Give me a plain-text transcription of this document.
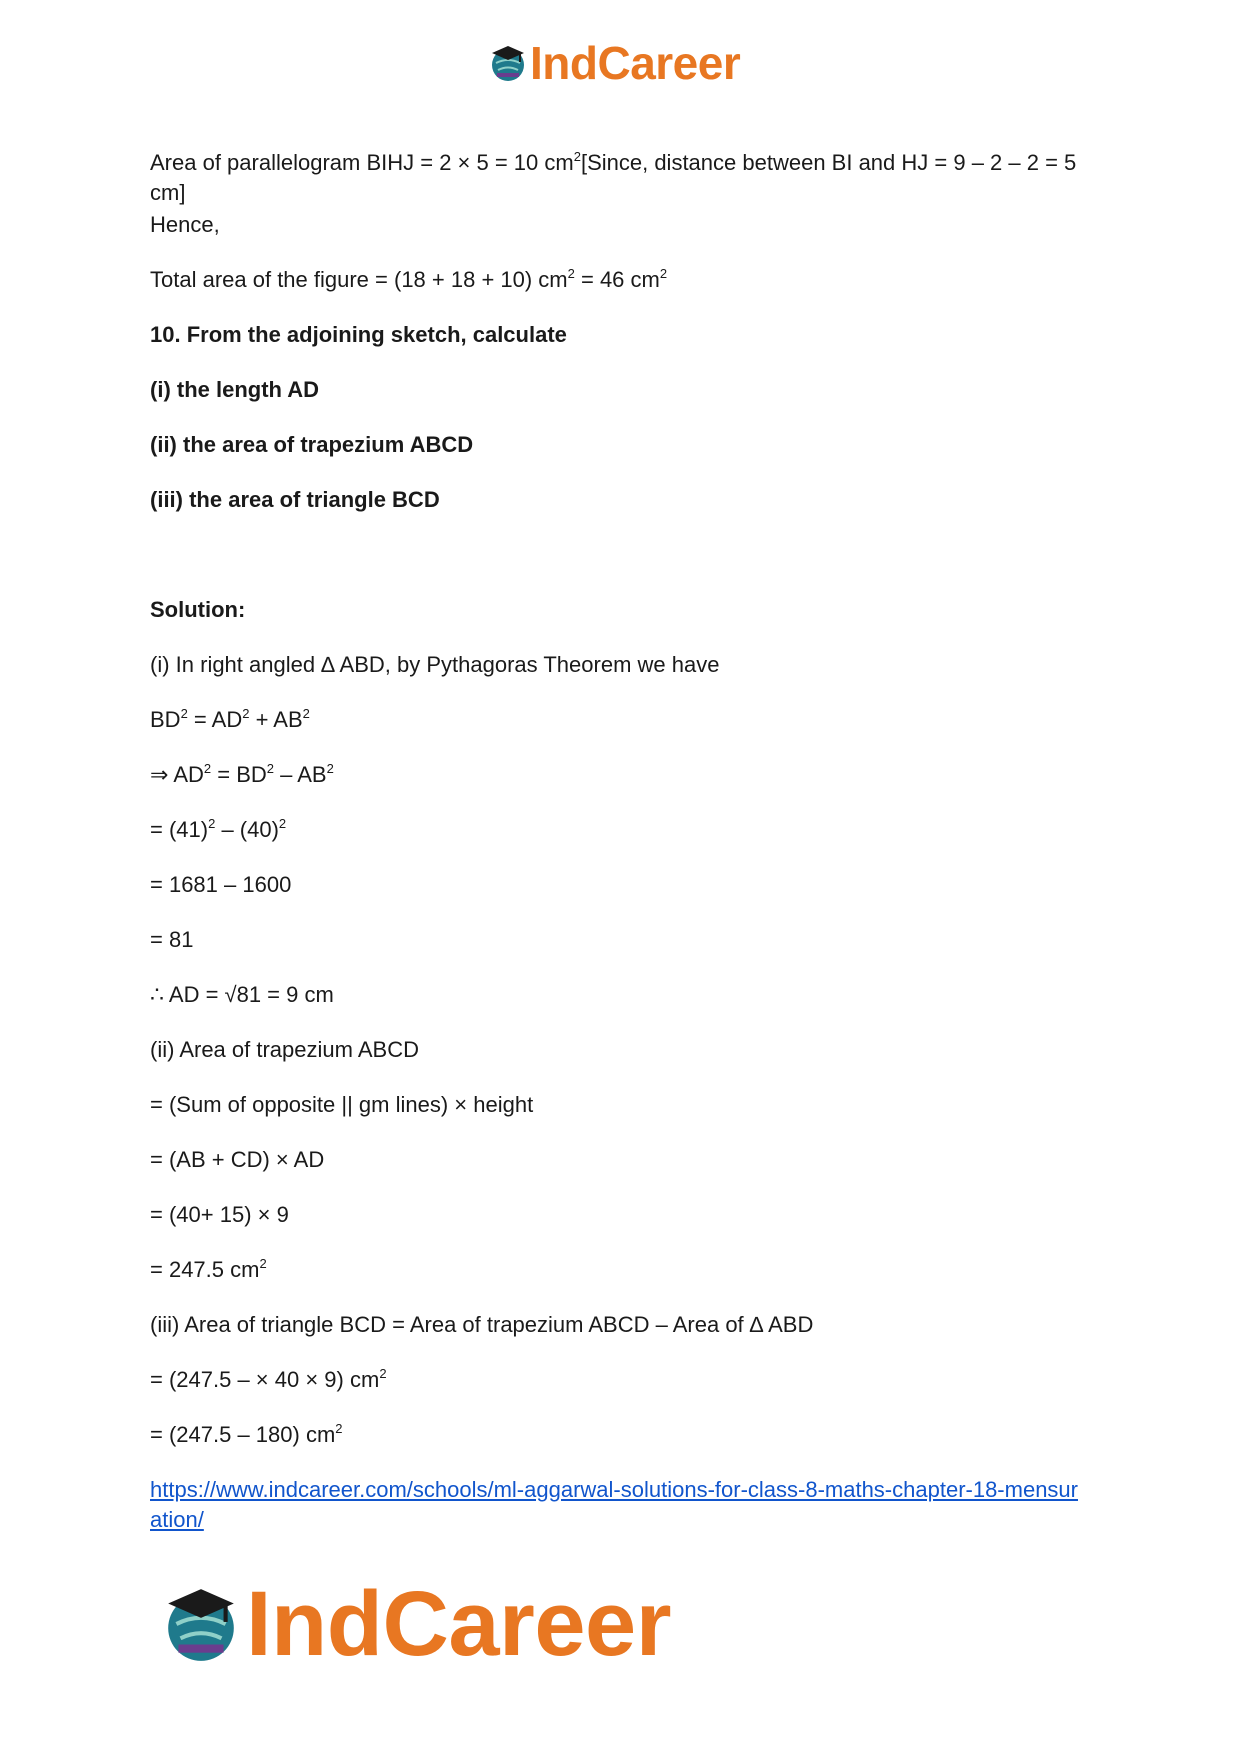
IndCareer

Area of parallelogram BIHJ = 2 × 5 = 10 $cm^2[Since$, distance between BI and HJ = 9 – 2 – 2 = 5 cm]

Hence,

Total area of the figure = (18 + 18 + 10) $cm^2 = 46$ $cm^2$

10. From the adjoining sketch, calculate

(i) the length AD

(ii) the area of trapezium ABCD

(iii) the area of triangle BCD

Solution:

(i) In right angled ∆ ABD, by Pythagoras Theorem we have

$BD^2 = AD^2 + AB^2$

⇒ $AD^2 = BD^2 - AB^2$

= $(41)^2 - (40)^2$

= 1681 – 1600

= 81

∴ AD = √81 = 9 cm

(ii) Area of trapezium ABCD

= (Sum of opposite || gm lines) × height

= (AB + CD) × AD

= (40+ 15) × 9

= 247.5 $cm^2$

(iii) Area of triangle BCD = Area of trapezium ABCD – Area of ∆ ABD

= (247.5 – × 40 × 9) $cm^2$

= (247.5 – 180) $cm^2$

https://www.indcareer.com/schools/ml-aggarwal-solutions-for-class-8-maths-chapter-18-mensuration/

IndCareer
